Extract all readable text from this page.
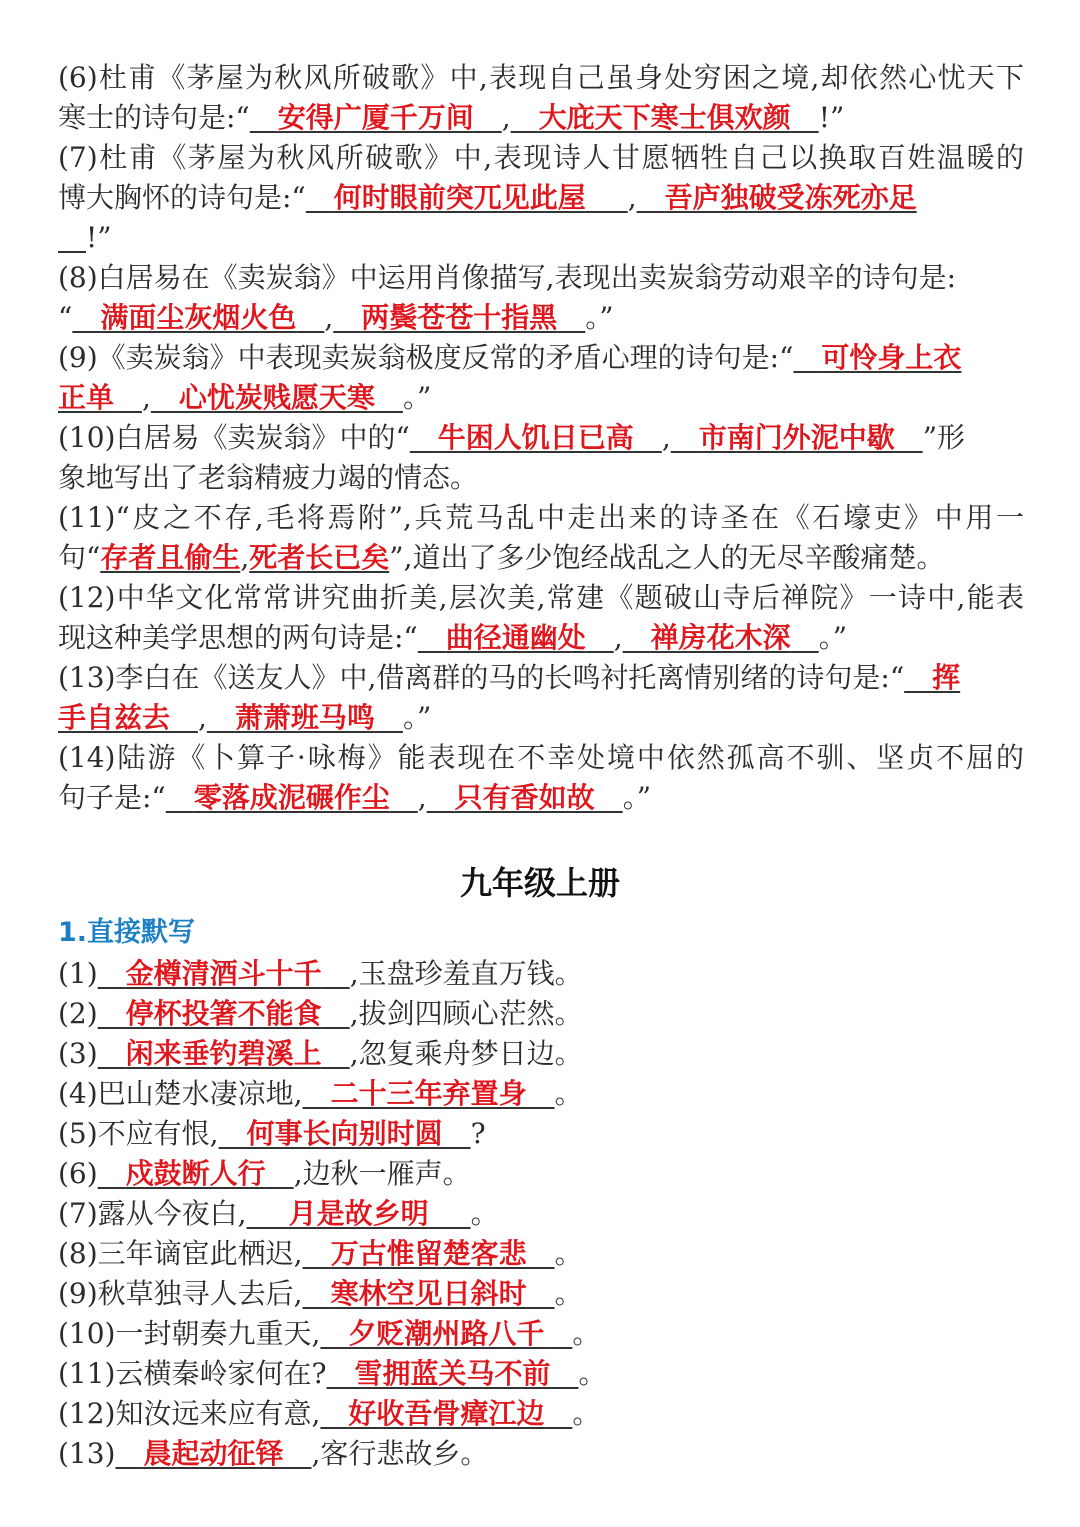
(6)杜甫《茅屋为秋风所破歌》中,表现自己虽身处穷困之境,却依然心忧天下
寒士的诗句是:“ 安得广厦千万间 , 大庇天下寒士俱欢颜 !”
(7)杜甫《茅屋为秋风所破歌》中,表现诗人甘愿牺牲自己以换取百姓温暖的
博大胸怀的诗句是:“ 何时眼前突兀见此屋 , 吾庐独破受冻死亦足
!”
(8)白居易在《卖炭翁》中运用肖像描写,表现出卖炭翁劳动艰辛的诗句是:
“ 满面尘灰烟火色 , 两鬓苍苍十指黑 。”
(9)《卖炭翁》中表现卖炭翁极度反常的矛盾心理的诗句是:“ 可怜身上衣
正单 , 心忧炭贱愿天寒 。”
(10)白居易《卖炭翁》中的“ 牛困人饥日已高 , 市南门外泥中歇 ”形
象地写出了老翁精疲力竭的情态。
(11)“皮之不存,毛将焉附”,兵荒马乱中走出来的诗圣在《石壕吏》中用一
句“存者且偷生,死者长已矣”,道出了多少饱经战乱之人的无尽辛酸痛楚。
(12)中华文化常常讲究曲折美,层次美,常建《题破山寺后禅院》一诗中,能表
现这种美学思想的两句诗是:“ 曲径通幽处 , 禅房花木深 。”
(13)李白在《送友人》中,借离群的马的长鸣衬托离情别绪的诗句是:“ 挥
手自兹去 , 萧萧班马鸣 。”
(14)陆游《卜算子·咏梅》能表现在不幸处境中依然孤高不驯、坚贞不屈的
句子是:“ 零落成泥碾作尘 , 只有香如故 。”
九年级上册
1.直接默写
(1) 金樽清酒斗十千 ,玉盘珍羞直万钱。
(2) 停杯投箸不能食 ,拔剑四顾心茫然。
(3) 闲来垂钓碧溪上 ,忽复乘舟梦日边。
(4)巴山楚水凄凉地, 二十三年弃置身 。
(5)不应有恨, 何事长向别时圆 ?
(6) 戍鼓断人行 ,边秋一雁声。
(7)露从今夜白, 月是故乡明 。
(8)三年谪宦此栖迟, 万古惟留楚客悲 。
(9)秋草独寻人去后, 寒林空见日斜时 。
(10)一封朝奏九重天, 夕贬潮州路八千 。
(11)云横秦岭家何在? 雪拥蓝关马不前 。
(12)知汝远来应有意, 好收吾骨瘴江边 。
(13) 晨起动征铎 ,客行悲故乡。
